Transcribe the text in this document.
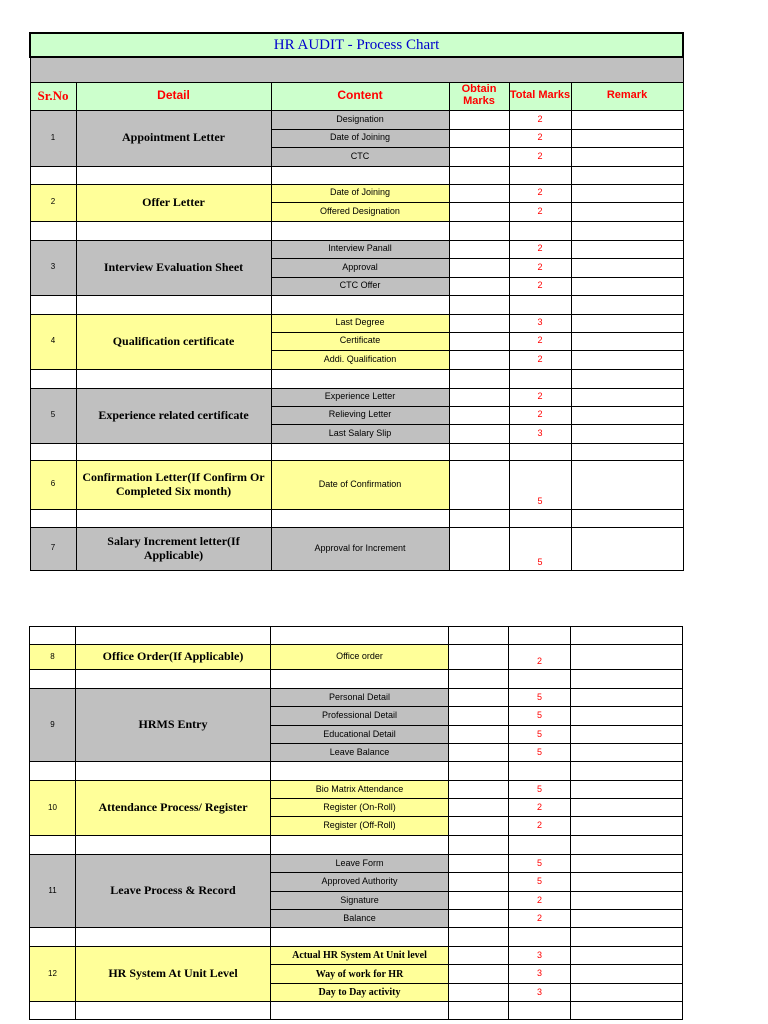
HR AUDIT - Process Chart					

Sr.No	Detail	Content	Obtain Marks	Total Marks	Remark
1	Appointment Letter	Designation		2	
		Date of Joining		2	
		CTC		2	

2	Offer Letter	Date of Joining		2	
		Offered Designation		2	

3	Interview Evaluation Sheet	Interview Panall		2	
		Approval		2	
		CTC Offer		2	

4	Qualification certificate	Last Degree		3	
		Certificate		2	
		Addi. Qualification		2	

5	Experience related certificate	Experience Letter		2	
		Relieving Letter		2	
		Last Salary Slip		3	

6	Confirmation Letter(If Confirm Or Completed Six month)	Date of Confirmation		5	

7	Salary Increment letter(If Applicable)	Approval for Increment		5	

8	Office Order(If Applicable)	Office order		2	

9	HRMS Entry	Personal Detail		5	
		Professional Detail		5	
		Educational Detail		5	
		Leave Balance		5	

10	Attendance Process/ Register	Bio Matrix Attendance		5	
		Register (On-Roll)		2	
		Register (Off-Roll)		2	

11	Leave Process & Record	Leave Form		5	
		Approved Authority		5	
		Signature		2	
		Balance		2	

12	HR System At Unit Level	Actual HR System At Unit level		3	
		Way of work for HR		3	
		Day to Day activity		3	
